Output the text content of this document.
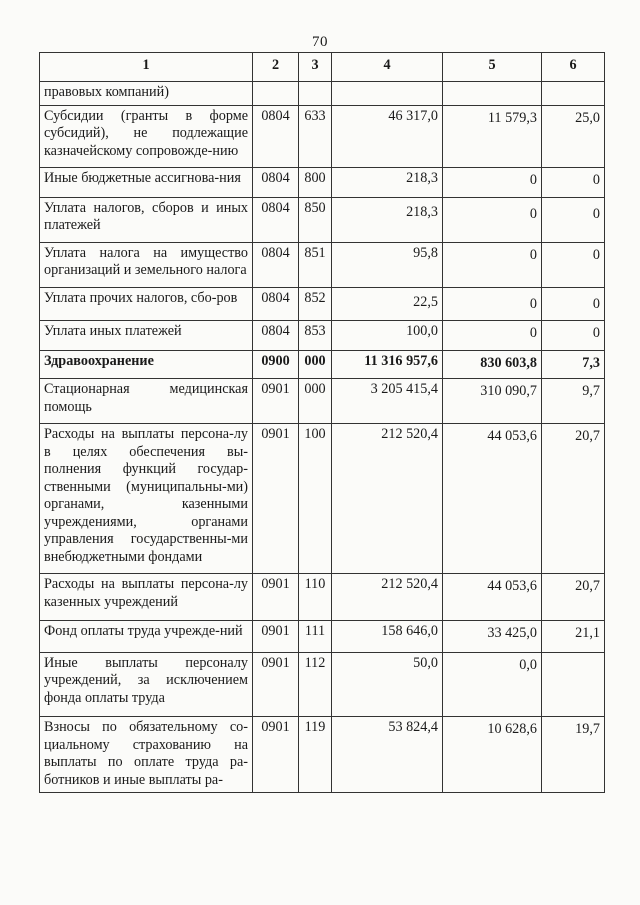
70
1	2	3	4	5	6
правовых компаний)					
Субсидии (гранты в форме субсидий), не подлежащие казначейскому сопровожде-нию	0804	633	46 317,0	11 579,3	25,0
Иные бюджетные ассигнова-ния	0804	800	218,3	0	0
Уплата налогов, сборов и иных платежей	0804	850	218,3	0	0
Уплата налога на имущество организаций и земельного налога	0804	851	95,8	0	0
Уплата прочих налогов, сбо-ров	0804	852	22,5	0	0
Уплата иных платежей	0804	853	100,0	0	0
Здравоохранение	0900	000	11 316 957,6	830 603,8	7,3
Стационарная медицинская помощь	0901	000	3 205 415,4	310 090,7	9,7
Расходы на выплаты персона-лу в целях обеспечения вы-полнения функций государ-ственными (муниципальны-ми) органами, казенными учреждениями, органами управления государственны-ми внебюджетными фондами	0901	100	212 520,4	44 053,6	20,7
Расходы на выплаты персона-лу казенных учреждений	0901	110	212 520,4	44 053,6	20,7
Фонд оплаты труда учрежде-ний	0901	111	158 646,0	33 425,0	21,1
Иные выплаты персоналу учреждений, за исключением фонда оплаты труда	0901	112	50,0	0,0	
Взносы по обязательному со-циальному страхованию на выплаты по оплате труда ра-ботников и иные выплаты ра-	0901	119	53 824,4	10 628,6	19,7
